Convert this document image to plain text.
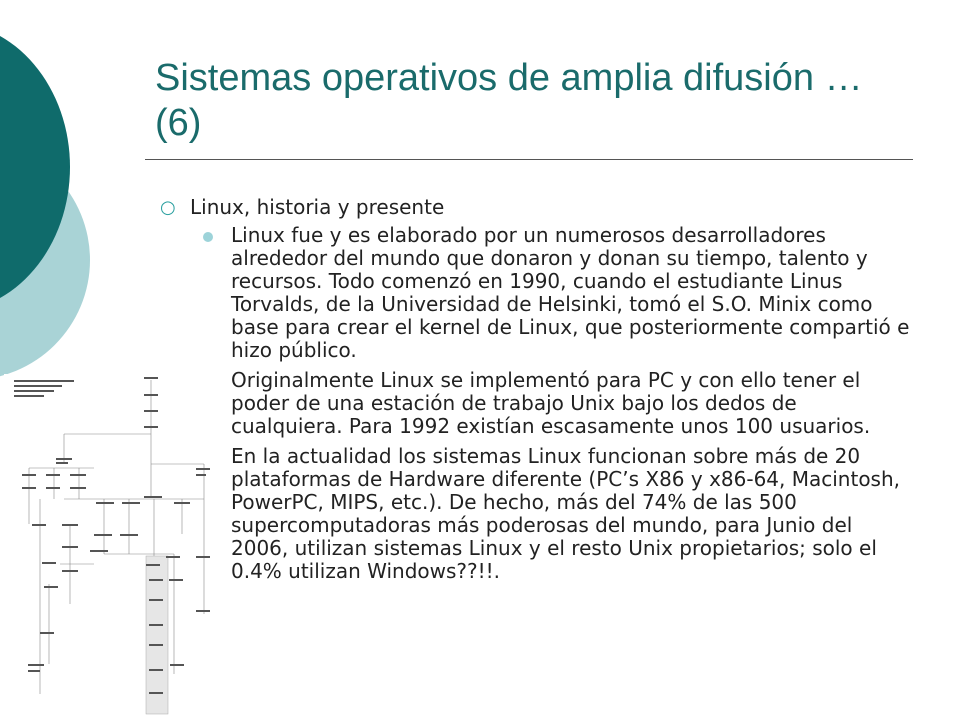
Sistemas operativos de amplia difusión … (6)
○ Linux, historia y presente
Linux fue y es elaborado por un numerosos desarrolladores alrededor del mundo que donaron y donan su tiempo, talento y recursos. Todo comenzó en 1990, cuando el estudiante Linus Torvalds, de la Universidad de Helsinki, tomó el S.O. Minix como base para crear el kernel de Linux, que posteriormente compartió e hizo público.
Originalmente Linux se implementó para PC y con ello tener el poder de una estación de trabajo Unix bajo los dedos de cualquiera. Para 1992 existían escasamente unos 100 usuarios.
En la actualidad los sistemas Linux funcionan sobre más de 20 plataformas de Hardware diferente (PC’s X86 y x86-64, Macintosh, PowerPC, MIPS, etc.). De hecho, más del 74% de las 500 supercomputadoras más poderosas del mundo, para Junio del 2006, utilizan sistemas Linux y el resto Unix propietarios; solo el 0.4% utilizan Windows??!!.
